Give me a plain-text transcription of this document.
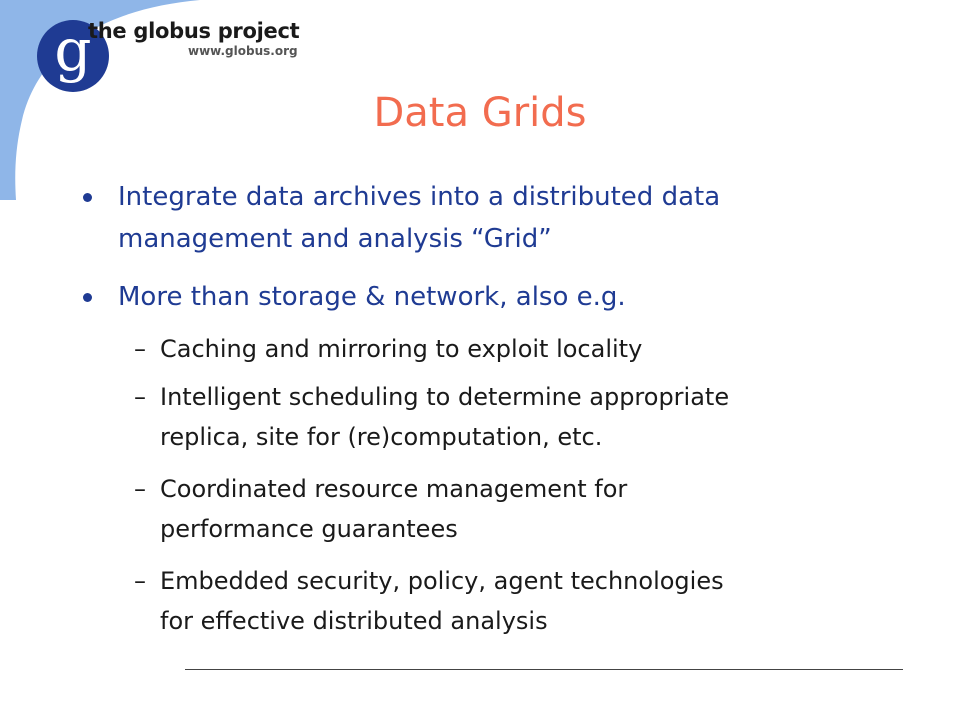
g
the globus project
www.globus.org
Data Grids
Integrate data archives into a distributed data
management and analysis “Grid”
More than storage & network, also e.g.
– Caching and mirroring to exploit locality
– Intelligent scheduling to determine appropriate
replica, site for (re)computation, etc.
– Coordinated resource management for
performance guarantees
– Embedded security, policy, agent technologies
for effective distributed analysis
